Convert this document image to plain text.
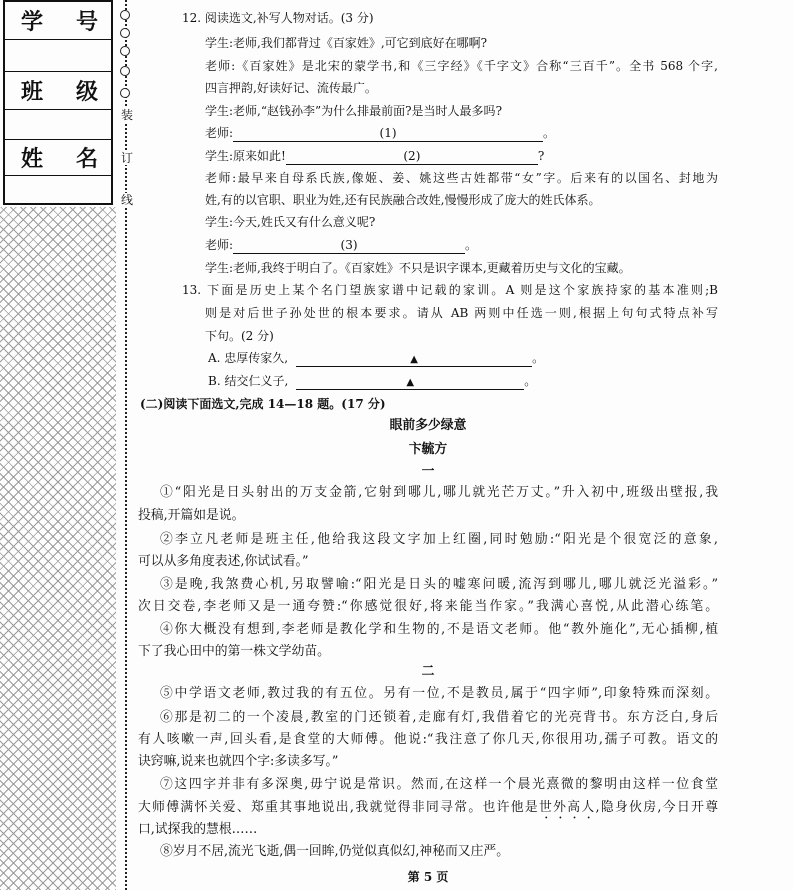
学 号
班 级
姓 名
装
订
线
12. 阅读选文,补写人物对话。(3 分)
学生:老师,我们都背过《百家姓》,可它到底好在哪啊?
老师:《百家姓》是北宋的蒙学书,和《三字经》《千字文》合称“三百千”。全书 568 个字,
四言押韵,好读好记、流传最广。
学生:老师,“赵钱孙李”为什么排最前面?是当时人最多吗?
老师:	(1)	。
学生:原来如此!	(2)	?
老师:最早来自母系氏族,像姬、姜、姚这些古姓都带“女”字。后来有的以国名、封地为
姓,有的以官职、职业为姓,还有民族融合改姓,慢慢形成了庞大的姓氏体系。
学生:今天,姓氏又有什么意义呢?
老师:	(3)	。
学生:老师,我终于明白了。《百家姓》不只是识字课本,更藏着历史与文化的宝藏。
13. 下面是历史上某个名门望族家谱中记载的家训。A 则是这个家族持家的基本准则;B
则是对后世子孙处世的根本要求。请从 AB 两则中任选一则,根据上句句式特点补写
下句。(2 分)
A. 忠厚传家久,	▲	。
B. 结交仁义子,	▲	。
(二)阅读下面选文,完成 14—18 题。(17 分)
眼前多少绿意
卞毓方
一
①“阳光是日头射出的万支金箭,它射到哪儿,哪儿就光芒万丈。”升入初中,班级出壁报,我
投稿,开篇如是说。
②李立凡老师是班主任,他给我这段文字加上红圈,同时勉励:“阳光是个很宽泛的意象,
可以从多角度表述,你试试看。”
③是晚,我煞费心机,另取譬喻:“阳光是日头的嘘寒问暖,流泻到哪儿,哪儿就泛光溢彩。”
次日交卷,李老师又是一通夸赞:“你感觉很好,将来能当作家。”我满心喜悦,从此潜心练笔。
④你大概没有想到,李老师是教化学和生物的,不是语文老师。他“教外施化”,无心插柳,植
下了我心田中的第一株文学幼苗。
二
⑤中学语文老师,教过我的有五位。另有一位,不是教员,属于“四字师”,印象特殊而深刻。
⑥那是初二的一个凌晨,教室的门还锁着,走廊有灯,我借着它的光亮背书。东方泛白,身后
有人咳嗽一声,回头看,是食堂的大师傅。他说:“我注意了你几天,你很用功,孺子可教。语文的
诀窍嘛,说来也就四个字:多读多写。”
⑦这四字并非有多深奥,毋宁说是常识。然而,在这样一个晨光熹微的黎明由这样一位食堂
大师傅满怀关爱、郑重其事地说出,我就觉得非同寻常。也许他是世外高人,隐身伙房,今日开尊
口,试探我的慧根……
⑧岁月不居,流光飞逝,偶一回眸,仍觉似真似幻,神秘而又庄严。
第 5 页
